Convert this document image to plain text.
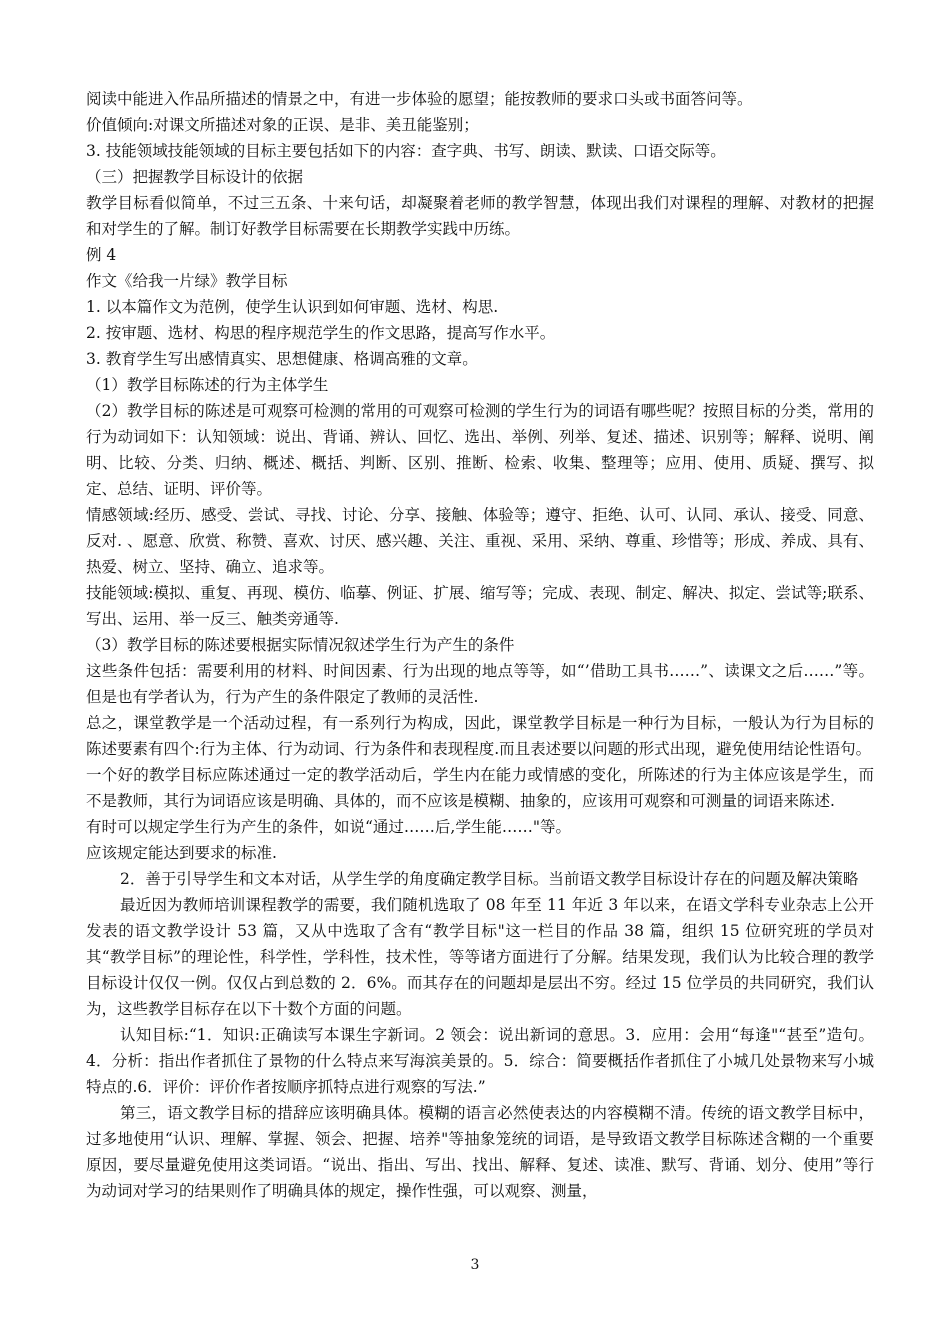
阅读中能进入作品所描述的情景之中，有进一步体验的愿望；能按教师的要求口头或书面答问等。

价值倾向:对课文所描述对象的正误、是非、美丑能鉴别；

3. 技能领域技能领域的目标主要包括如下的内容：查字典、书写、朗读、默读、口语交际等。

（三）把握教学目标设计的依据

教学目标看似简单，不过三五条、十来句话，却凝聚着老师的教学智慧，体现出我们对课程的理解、对教材的把握和对学生的了解。制订好教学目标需要在长期教学实践中历练。

例 4

作文《给我一片绿》教学目标

1. 以本篇作文为范例，使学生认识到如何审题、选材、构思.

2. 按审题、选材、构思的程序规范学生的作文思路，提高写作水平。

3. 教育学生写出感情真实、思想健康、格调高雅的文章。

（1）教学目标陈述的行为主体学生

（2）教学目标的陈述是可观察可检测的常用的可观察可检测的学生行为的词语有哪些呢？按照目标的分类，常用的行为动词如下：认知领域：说出、背诵、辨认、回忆、选出、举例、列举、复述、描述、识别等；解释、说明、阐明、比较、分类、归纳、概述、概括、判断、区别、推断、检索、收集、整理等；应用、使用、质疑、撰写、拟定、总结、证明、评价等。

情感领域:经历、感受、尝试、寻找、讨论、分享、接触、体验等；遵守、拒绝、认可、认同、承认、接受、同意、反对. 、愿意、欣赏、称赞、喜欢、讨厌、感兴趣、关注、重视、采用、采纳、尊重、珍惜等；形成、养成、具有、热爱、树立、坚持、确立、追求等。

技能领域:模拟、重复、再现、模仿、临摹、例证、扩展、缩写等；完成、表现、制定、解决、拟定、尝试等;联系、写出、运用、举一反三、触类旁通等.

（3）教学目标的陈述要根据实际情况叙述学生行为产生的条件

这些条件包括：需要利用的材料、时间因素、行为出现的地点等等，如“’借助工具书……”、读课文之后……”等。但是也有学者认为，行为产生的条件限定了教师的灵活性.

总之，课堂教学是一个活动过程，有一系列行为构成，因此，课堂教学目标是一种行为目标，一般认为行为目标的陈述要素有四个:行为主体、行为动词、行为条件和表现程度.而且表述要以问题的形式出现，避免使用结论性语句。

一个好的教学目标应陈述通过一定的教学活动后，学生内在能力或情感的变化，所陈述的行为主体应该是学生，而不是教师，其行为词语应该是明确、具体的，而不应该是模糊、抽象的，应该用可观察和可测量的词语来陈述.

有时可以规定学生行为产生的条件，如说“通过……后,学生能……"等。

应该规定能达到要求的标准.

2．善于引导学生和文本对话，从学生学的角度确定教学目标。当前语文教学目标设计存在的问题及解决策略

最近因为教师培训课程教学的需要，我们随机选取了 08 年至 11 年近 3 年以来，在语文学科专业杂志上公开发表的语文教学设计 53 篇，又从中选取了含有“教学目标"这一栏目的作品 38 篇，组织 15 位研究班的学员对其“教学目标”的理论性，科学性，学科性，技术性，等等诸方面进行了分解。结果发现，我们认为比较合理的教学目标设计仅仅一例。仅仅占到总数的 2．6%。而其存在的问题却是层出不穷。经过 15 位学员的共同研究，我们认为，这些教学目标存在以下十数个方面的问题。

认知目标:“1．知识:正确读写本课生字新词。2 领会：说出新词的意思。3．应用：会用“每逢"“甚至”造句。4．分析：指出作者抓住了景物的什么特点来写海滨美景的。5．综合：简要概括作者抓住了小城几处景物来写小城特点的.6．评价：评价作者按顺序抓特点进行观察的写法.”

第三，语文教学目标的措辞应该明确具体。模糊的语言必然使表达的内容模糊不清。传统的语文教学目标中，过多地使用“认识、理解、掌握、领会、把握、培养"等抽象笼统的词语，是导致语文教学目标陈述含糊的一个重要原因，要尽量避免使用这类词语。“说出、指出、写出、找出、解释、复述、读准、默写、背诵、划分、使用”等行为动词对学习的结果则作了明确具体的规定，操作性强，可以观察、测量，

3
